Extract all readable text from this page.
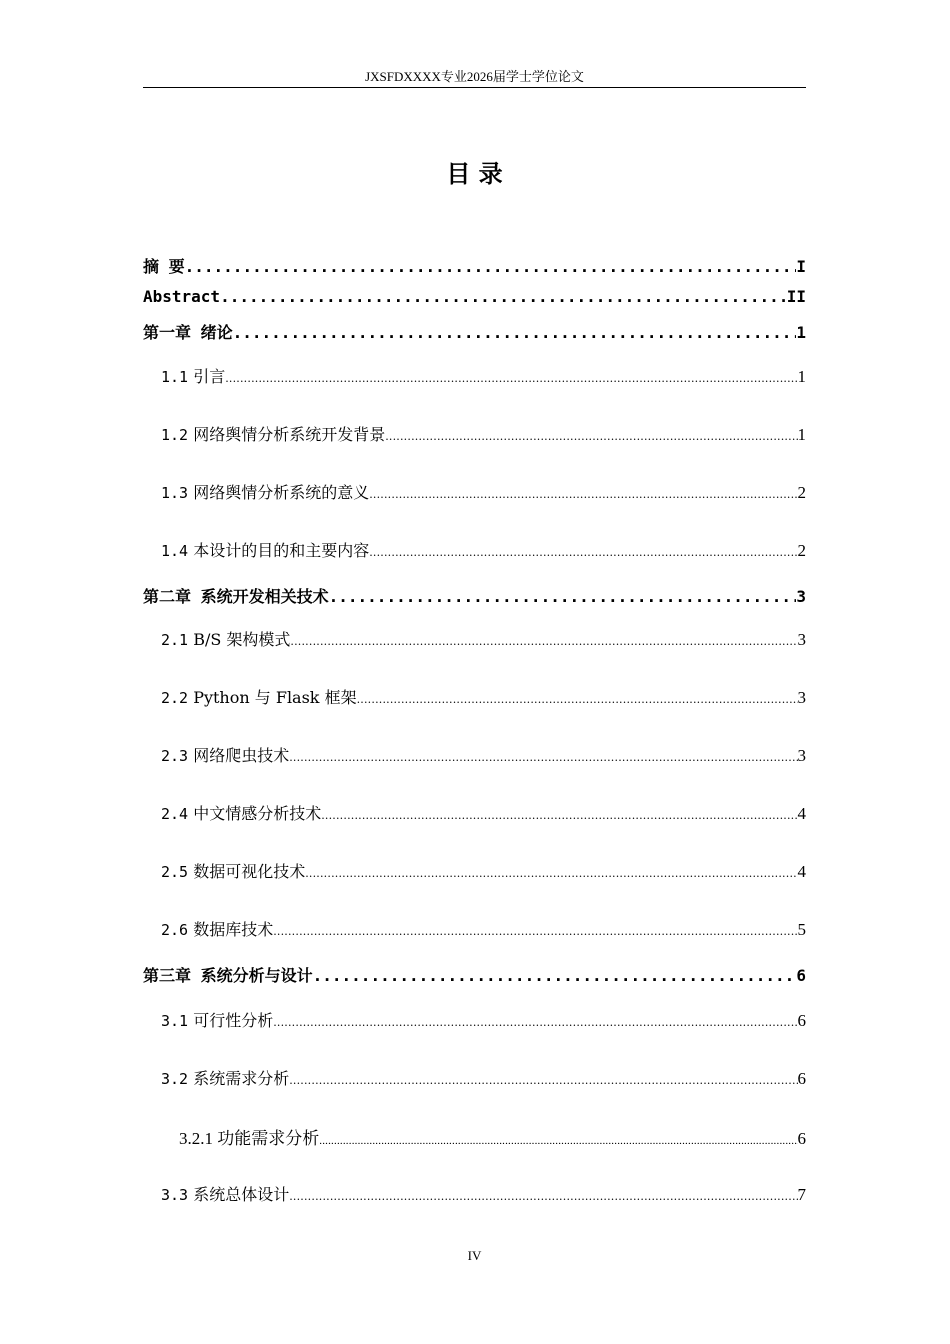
JXSFDXXXX专业2026届学士学位论文
目 录
摘 要 .....	I
Abstract .....	II
第一章 绪论 .....	1
1.1 引言 .....	1
1.2 网络舆情分析系统开发背景 .....	1
1.3 网络舆情分析系统的意义 .....	2
1.4 本设计的目的和主要内容 .....	2
第二章 系统开发相关技术 .....	3
2.1 B/S 架构模式 .....	3
2.2 Python 与 Flask 框架 .....	3
2.3 网络爬虫技术 .....	3
2.4 中文情感分析技术 .....	4
2.5 数据可视化技术 .....	4
2.6 数据库技术 .....	5
第三章 系统分析与设计 .....	6
3.1 可行性分析 .....	6
3.2 系统需求分析 .....	6
3.2.1 功能需求分析 .....	6
3.3 系统总体设计 .....	7
IV
